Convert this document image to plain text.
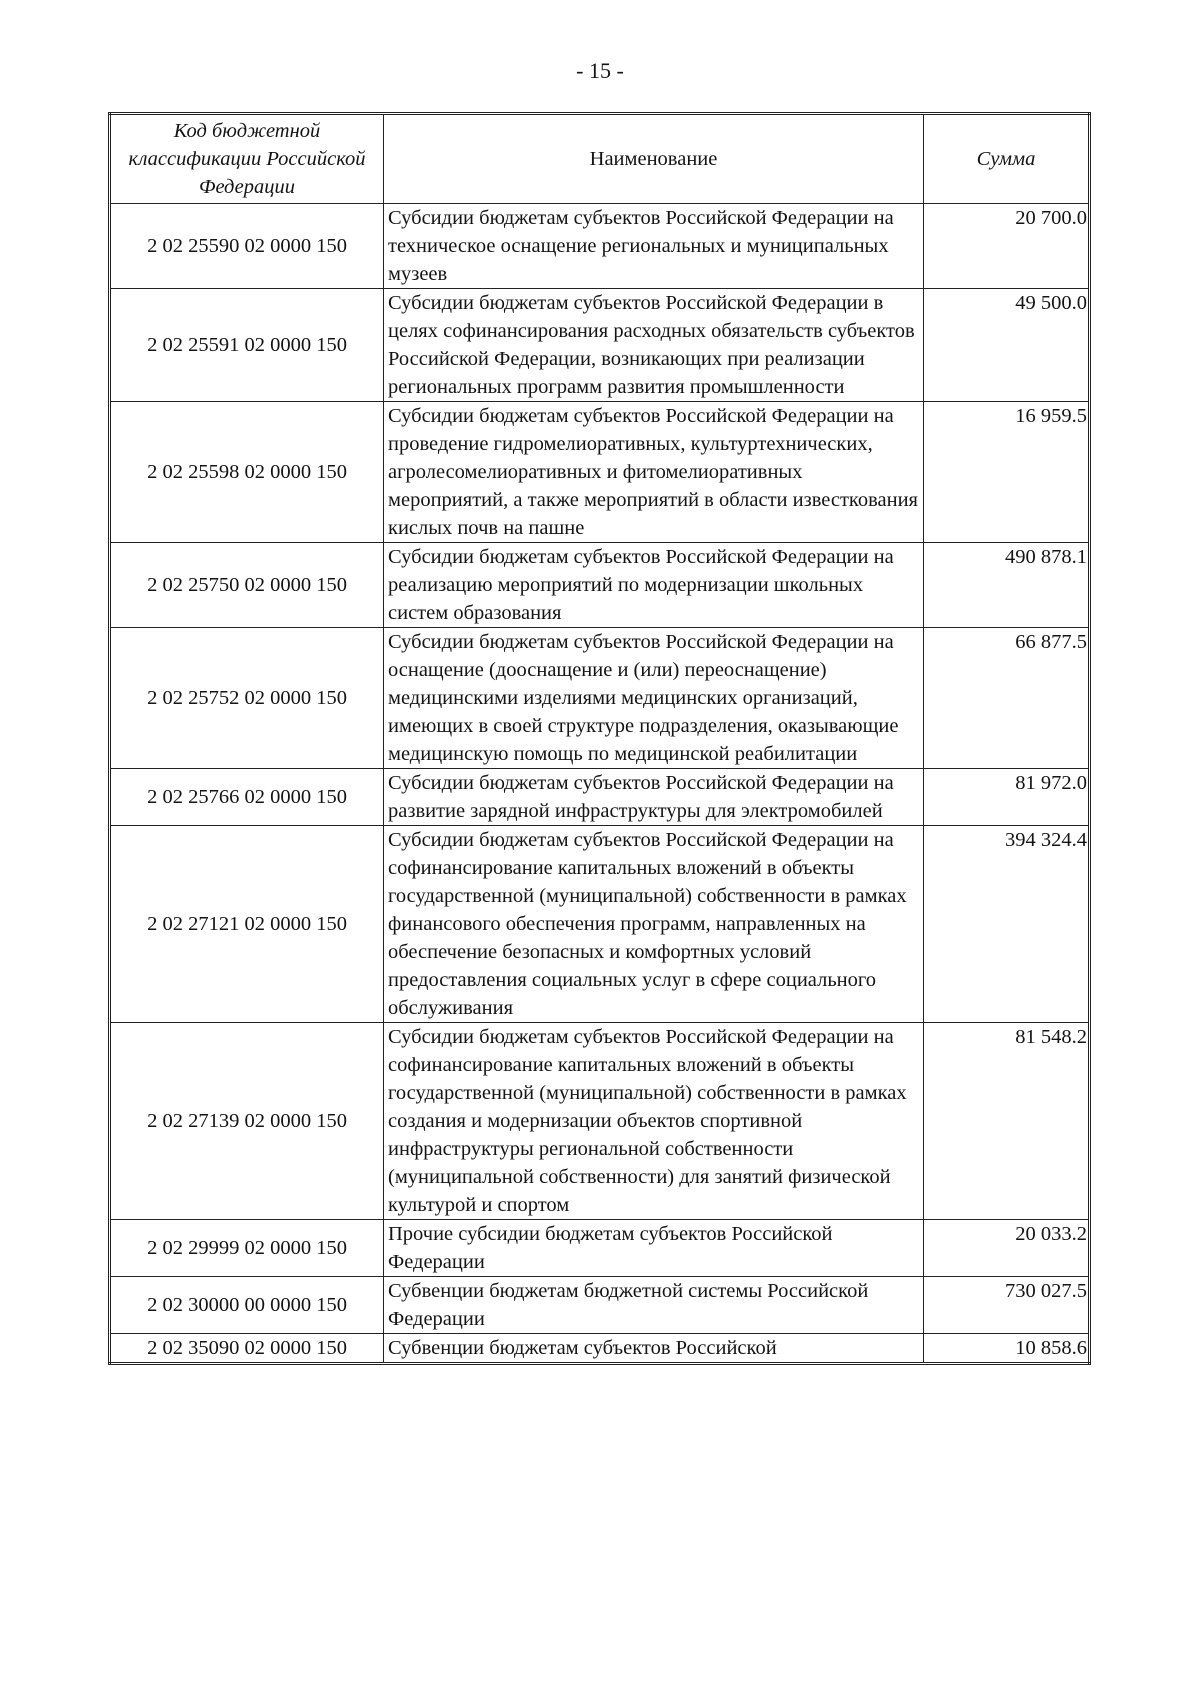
- 15 -
Код бюджетной классификации Российской Федерации	Наименование	Сумма
2 02 25590 02 0000 150	Субсидии бюджетам субъектов Российской Федерации на техническое оснащение региональных и муниципальных музеев	20 700.0
2 02 25591 02 0000 150	Субсидии бюджетам субъектов Российской Федерации в целях софинансирования расходных обязательств субъектов Российской Федерации, возникающих при реализации региональных программ развития промышленности	49 500.0
2 02 25598 02 0000 150	Субсидии бюджетам субъектов Российской Федерации на проведение гидромелиоративных, культуртехнических, агролесомелиоративных и фитомелиоративных мероприятий, а также мероприятий в области известкования кислых почв на пашне	16 959.5
2 02 25750 02 0000 150	Субсидии бюджетам субъектов Российской Федерации на реализацию мероприятий по модернизации школьных систем образования	490 878.1
2 02 25752 02 0000 150	Субсидии бюджетам субъектов Российской Федерации на оснащение (дооснащение и (или) переоснащение) медицинскими изделиями медицинских организаций, имеющих в своей структуре подразделения, оказывающие медицинскую помощь по медицинской реабилитации	66 877.5
2 02 25766 02 0000 150	Субсидии бюджетам субъектов Российской Федерации на развитие зарядной инфраструктуры для электромобилей	81 972.0
2 02 27121 02 0000 150	Субсидии бюджетам субъектов Российской Федерации на софинансирование капитальных вложений в объекты государственной (муниципальной) собственности в рамках финансового обеспечения программ, направленных на обеспечение безопасных и комфортных условий предоставления социальных услуг в сфере социального обслуживания	394 324.4
2 02 27139 02 0000 150	Субсидии бюджетам субъектов Российской Федерации на софинансирование капитальных вложений в объекты государственной (муниципальной) собственности в рамках создания и модернизации объектов спортивной инфраструктуры региональной собственности (муниципальной собственности) для занятий физической культурой и спортом	81 548.2
2 02 29999 02 0000 150	Прочие субсидии бюджетам субъектов Российской Федерации	20 033.2
2 02 30000 00 0000 150	Субвенции бюджетам бюджетной системы Российской Федерации	730 027.5
2 02 35090 02 0000 150	Субвенции бюджетам субъектов Российской	10 858.6
